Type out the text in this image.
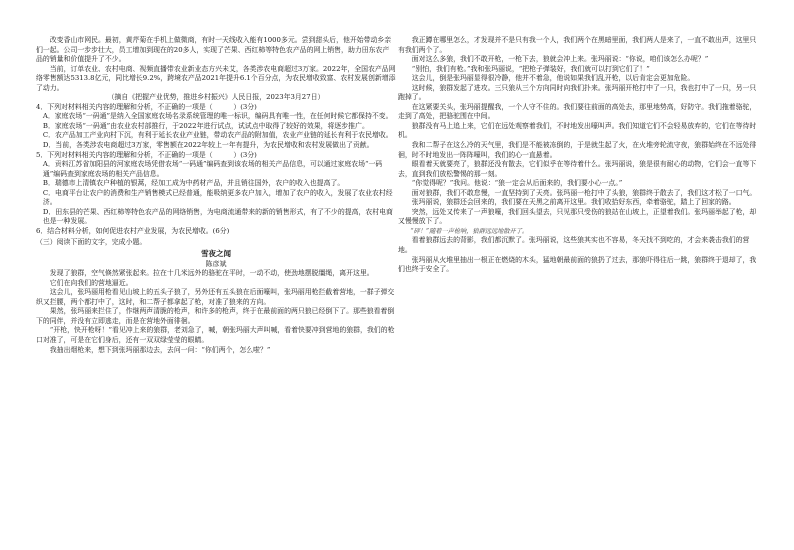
改变香山市网民。最初，黄芹菊在手机上做微商，有时一天线收入能有1000多元。尝到甜头后，他开始带动乡亲们一起。公司一步步壮大，员工增加到现在的20多人，实现了芒果、西红柿等特色农产品的网上销售，助力田东农产品的销量和价值提升了不少。

当前，订单农业、农村电商、视频直播带农业新业态方兴未艾，各类涉农电商超过3万家。2022年，全国农产品网络零售额达5313.8亿元，同比增长9.2%，跨境农产品2021年提升6.1个百分点，为农民增收致富、农村发展创新增添了动力。

（摘自《把握产业优势，推进乡村振兴》人民日报，2023年3月27日）

4．下列对材料相关内容的理解和分析，不正确的一项是（　　　）(3分)

A．家庭农场“一码通”是纳入全国家庭农场名录系统管理的唯一标识，编码具有唯一性，在任何时候它都保持不变。

B．家庭农场“一码通”由农业农村部推行，于2022年进行试点，试试点中取得了较好的效果，将逐步推广。

C．农产品加工产业向村下沉，有利于延长农业产业链，带动农产品的附加值，农业产业链的延长有利于农民增收。

D．当前，各类涉农电商超过3万家，零售额在2022年较上一年有提升，为农民增收和农村发展做出了贡献。

5．下列对材料相关内容的理解和分析，不正确的一项是（　　　）(3分)

A．贡料江苏省加阳县的河家庭农场凭借农场“一码通”编码查到该农场的相关产品信息，可以通过家庭农场“一码通”编码查到家庭农场的相关产品信息。

B．瑞德市上清镇农户种植的银蒿，经加工成为中药材产品，并且销往国外，农户的收入也提高了。

C．电商平台让农户的消费和生产销售模式已经普通，能吸纳更多农户加入，增加了农户的收入，发展了农业农村经济。

D．田东县的芒果、西红柿等特色农产品的网络销售，为电商流通带来的新的销售形式，有了不少的提高，农村电商也是一种发展。

6．结合材料分析，如何促进农村产业发展，为农民增收。(6分)

（三）阅读下面的文字，完成小题。

雪夜之闻

陈彦斌

发现了狼群，空气倏然紧张起来。拉在十几米远外的骆驼在平时，一动不动，使劲地摆脱缰绳，离开这里。

它们在向我们的营地逼近。

这会儿，张玛丽用枪看见山坡上的五头子狼了，另外还有五头狼在后面嚎叫，张玛丽用枪拦截着营地，一群子弹交织又拦腰，两个都打中了，这时，和二帮子都拿起了枪，对准了狼来的方向。

果然，张玛丽来拦住了，作继两声清脆的枪声，和许多的枪声，终于在最前面的两只狼已经倒下了。那些狼看着倒下的同伴，并没有立即逃走，而是在营地外面徘徊。

“开枪，快开枪呀！”看见冲上来的狼群，老刘急了，喊，朝张玛丽大声叫喊，看着快要冲到营地的狼群，我们的枪口对准了，可是在它们身后，还有一双双绿莹莹的眼睛。

我抽出烟枪来，想下到张玛丽那边去，去问一问：“你们两个，怎么啦？”

我正蹲在哪里怎么，才发现并不是只有我一个人，我们两个在黑暗里面，我们两人是来了，一直不敢出声，这里只有我们两个了。

面对这么多狼，我们不敢开枪，一枪下去，狼就会冲上来。张玛丽说：“你说，咱们该怎么办呢？”

“别怕，我们有枪。”我和张玛丽说，“把枪子弹装好，我们就可以打到它们了！”

这会儿，倒是张玛丽显得很冷静，他并不着急，他说如果我们乱开枪，以后肯定会更加危险。

这时候，狼群发起了进攻。三只狼从三个方向同时向我们扑来。张玛丽开枪打中了一只，我也打中了一只，另一只跑掉了。

在这紧要关头，张玛丽提醒我，一个人守不住的。我们要往前面的高处去，那里地势高，好防守。我们拖着骆驼，走到了高处，把骆驼围在中间。

狼群没有马上追上来，它们在远处观察着我们，不时地发出嚎叫声。我们知道它们不会轻易放弃的，它们在等待时机。

我和二帮子在这么冷的天气里，我们是不能被冻倒的，于是就生起了火，在火堆旁轮流守夜，狼群始终在不远处徘徊，时不时地发出一阵阵嚎叫，我们的心一直悬着。

眼看着天就要亮了，狼群还没有散去，它们似乎在等待着什么。张玛丽说，狼是很有耐心的动物，它们会一直等下去，直到我们放松警惕的那一刻。

“你觉得呢？”我问。他说：“狼一定会从后面来的，我们要小心一点。”

面对狼群，我们不敢怠慢，一直坚持到了天亮。张玛丽一枪打中了头狼，狼群终于散去了，我们这才松了一口气。

张玛丽说，狼群还会回来的，我们要在天黑之前离开这里。我们收拾好东西，牵着骆驼，踏上了回家的路。

突然，远处又传来了一声狼嚎，我们回头望去，只见那只受伤的狼站在山坡上，正望着我们。张玛丽举起了枪，却又慢慢放下了。

“砰！”随着一声枪响，狼群远远地散开了。

看着狼群远去的背影，我们都沉默了。张玛丽说，这些狼其实也不容易，冬天找不到吃的，才会来袭击我们的营地。

张玛丽从火堆里抽出一根正在燃烧的木头，猛地朝最前面的狼扔了过去，那狼吓得往后一跳，狼群终于退却了，我们也终于安全了。
